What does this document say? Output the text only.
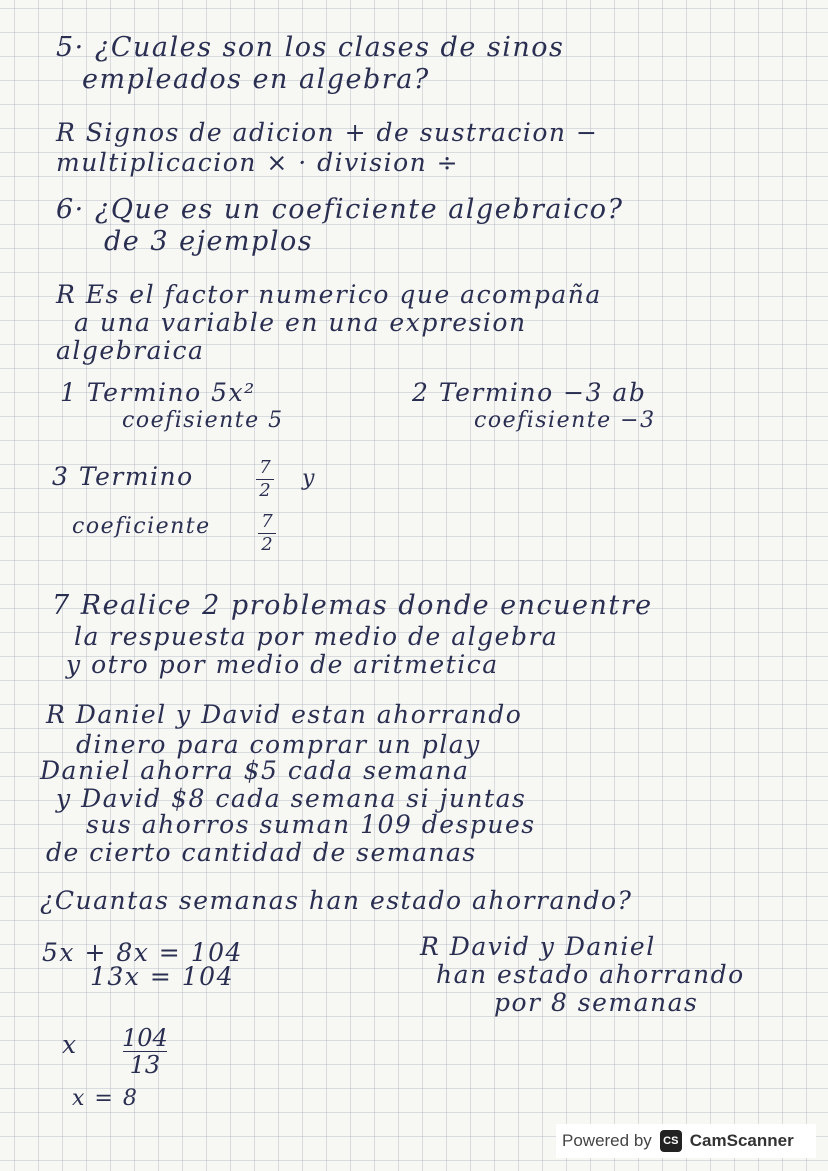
5· ¿Cuales son los clases de sinos
empleados en algebra?
R Signos de adicion + de sustracion −
multiplicacion × · division ÷
6· ¿Que es un coeficiente algebraico?
de 3 ejemplos
R Es el factor numerico que acompaña
a una variable en una expresion
algebraica
1 Termino 5x²
coefisiente 5
2 Termino −3 ab
coefisiente −3
3 Termino	7
2 y
coeficiente	7
2
7 Realice 2 problemas donde encuentre
la respuesta por medio de algebra
y otro por medio de aritmetica
R Daniel y David estan ahorrando
dinero para comprar un play
Daniel ahorra $5 cada semana
y David $8 cada semana si juntas
sus ahorros suman 109 despues
de cierto cantidad de semanas
¿Cuantas semanas han estado ahorrando?
5x + 8x = 104
13x = 104
x 104
13
x = 8
R David y Daniel
han estado ahorrando
por 8 semanas
Powered by	CS CamScanner
